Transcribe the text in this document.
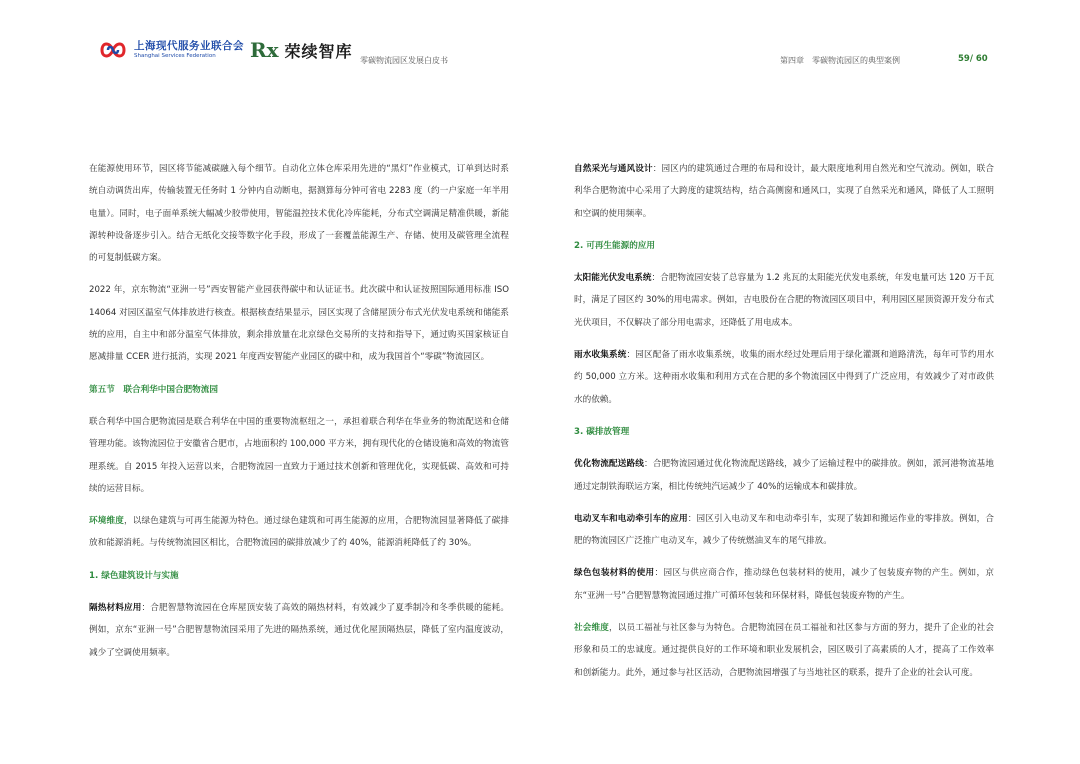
上海现代服务业联合会
Shanghai Services Federation	Rx 荣续智库 零碳物流园区发展白皮书	第四章　零碳物流园区的典型案例	59/ 60

在能源使用环节，园区将节能减碳融入每个细节。自动化立体仓库采用先进的“黑灯”作业模式，订单到达时系统自动调货出库，传输装置无任务时 1 分钟内自动断电，据测算每分钟可省电 2283 度（约一户家庭一年半用电量）。同时，电子面单系统大幅减少胶带使用，智能温控技术优化冷库能耗，分布式空调满足精准供暖，新能源转种设备逐步引入。结合无纸化交接等数字化手段，形成了一套覆盖能源生产、存储、使用及碳管理全流程的可复制低碳方案。

2022 年，京东物流“亚洲一号”西安智能产业园获得碳中和认证证书。此次碳中和认证按照国际通用标准 ISO 14064 对园区温室气体排放进行核查。根据核查结果显示，园区实现了含储屋顶分布式光伏发电系统和储能系统的应用，自主中和部分温室气体排放，剩余排放量在北京绿色交易所的支持和指导下，通过购买国家核证自愿减排量 CCER 进行抵消，实现 2021 年度西安智能产业园区的碳中和，成为我国首个“零碳”物流园区。

第五节　联合利华中国合肥物流园

联合利华中国合肥物流园是联合利华在中国的重要物流枢纽之一，承担着联合利华在华业务的物流配送和仓储管理功能。该物流园位于安徽省合肥市，占地面积约 100,000 平方米，拥有现代化的仓储设施和高效的物流管理系统。自 2015 年投入运营以来，合肥物流园一直致力于通过技术创新和管理优化，实现低碳、高效和可持续的运营目标。

环境维度，以绿色建筑与可再生能源为特色。通过绿色建筑和可再生能源的应用，合肥物流园显著降低了碳排放和能源消耗。与传统物流园区相比，合肥物流园的碳排放减少了约 40%，能源消耗降低了约 30%。

1. 绿色建筑设计与实施

隔热材料应用：合肥智慧物流园在仓库屋顶安装了高效的隔热材料，有效减少了夏季制冷和冬季供暖的能耗。例如，京东“亚洲一号”合肥智慧物流园采用了先进的隔热系统，通过优化屋顶隔热层，降低了室内温度波动，减少了空调使用频率。

自然采光与通风设计：园区内的建筑通过合理的布局和设计，最大限度地利用自然光和空气流动。例如，联合利华合肥物流中心采用了大跨度的建筑结构，结合高侧窗和通风口，实现了自然采光和通风，降低了人工照明和空调的使用频率。

2. 可再生能源的应用

太阳能光伏发电系统：合肥物流园安装了总容量为 1.2 兆瓦的太阳能光伏发电系统，年发电量可达 120 万千瓦时，满足了园区约 30%的用电需求。例如，吉电股份在合肥的物流园区项目中，利用园区屋顶资源开发分布式光伏项目，不仅解决了部分用电需求，还降低了用电成本。

雨水收集系统：园区配备了雨水收集系统，收集的雨水经过处理后用于绿化灌溉和道路清洗，每年可节约用水约 50,000 立方米。这种雨水收集和利用方式在合肥的多个物流园区中得到了广泛应用，有效减少了对市政供水的依赖。

3. 碳排放管理

优化物流配送路线：合肥物流园通过优化物流配送路线，减少了运输过程中的碳排放。例如，派河港物流基地通过定制铁海联运方案，相比传统纯汽运减少了 40%的运输成本和碳排放。

电动叉车和电动牵引车的应用：园区引入电动叉车和电动牵引车，实现了装卸和搬运作业的零排放。例如，合肥的物流园区广泛推广电动叉车，减少了传统燃油叉车的尾气排放。

绿色包装材料的使用：园区与供应商合作，推动绿色包装材料的使用，减少了包装废弃物的产生。例如，京东“亚洲一号”合肥智慧物流园通过推广可循环包装和环保材料，降低包装废弃物的产生。

社会维度，以员工福祉与社区参与为特色。合肥物流园在员工福祉和社区参与方面的努力，提升了企业的社会形象和员工的忠诚度。通过提供良好的工作环境和职业发展机会，园区吸引了高素质的人才，提高了工作效率和创新能力。此外，通过参与社区活动，合肥物流园增强了与当地社区的联系，提升了企业的社会认可度。
